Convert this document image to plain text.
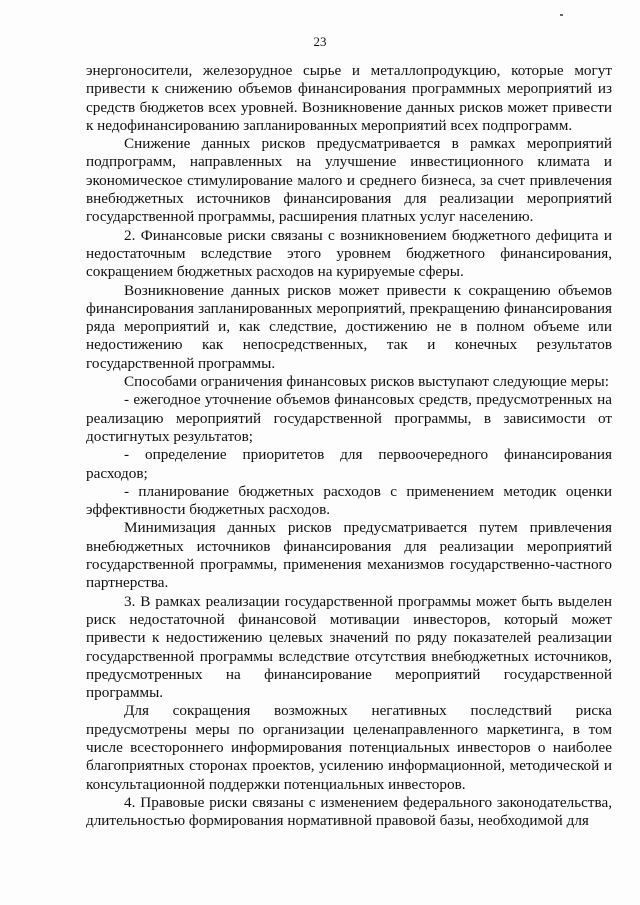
23

энергоносители, железорудное сырье и металлопродукцию, которые могут привести к снижению объемов финансирования программных мероприятий из средств бюджетов всех уровней. Возникновение данных рисков может привести к недофинансированию запланированных мероприятий всех подпрограмм.

Снижение данных рисков предусматривается в рамках мероприятий подпрограмм, направленных на улучшение инвестиционного климата и экономическое стимулирование малого и среднего бизнеса, за счет привлечения внебюджетных источников финансирования для реализации мероприятий государственной программы, расширения платных услуг населению.

2. Финансовые риски связаны с возникновением бюджетного дефицита и недостаточным вследствие этого уровнем бюджетного финансирования, сокращением бюджетных расходов на курируемые сферы.

Возникновение данных рисков может привести к сокращению объемов финансирования запланированных мероприятий, прекращению финансирования ряда мероприятий и, как следствие, достижению не в полном объеме или недостижению как непосредственных, так и конечных результатов государственной программы.

Способами ограничения финансовых рисков выступают следующие меры:

- ежегодное уточнение объемов финансовых средств, предусмотренных на реализацию мероприятий государственной программы, в зависимости от достигнутых результатов;

- определение приоритетов для первоочередного финансирования расходов;

- планирование бюджетных расходов с применением методик оценки эффективности бюджетных расходов.

Минимизация данных рисков предусматривается путем привлечения внебюджетных источников финансирования для реализации мероприятий государственной программы, применения механизмов государственно-частного партнерства.

3. В рамках реализации государственной программы может быть выделен риск недостаточной финансовой мотивации инвесторов, который может привести к недостижению целевых значений по ряду показателей реализации государственной программы вследствие отсутствия внебюджетных источников, предусмотренных на финансирование мероприятий государственной программы.

Для сокращения возможных негативных последствий риска предусмотрены меры по организации целенаправленного маркетинга, в том числе всестороннего информирования потенциальных инвесторов о наиболее благоприятных сторонах проектов, усилению информационной, методической и консультационной поддержки потенциальных инвесторов.

4. Правовые риски связаны с изменением федерального законодательства, длительностью формирования нормативной правовой базы, необходимой для
